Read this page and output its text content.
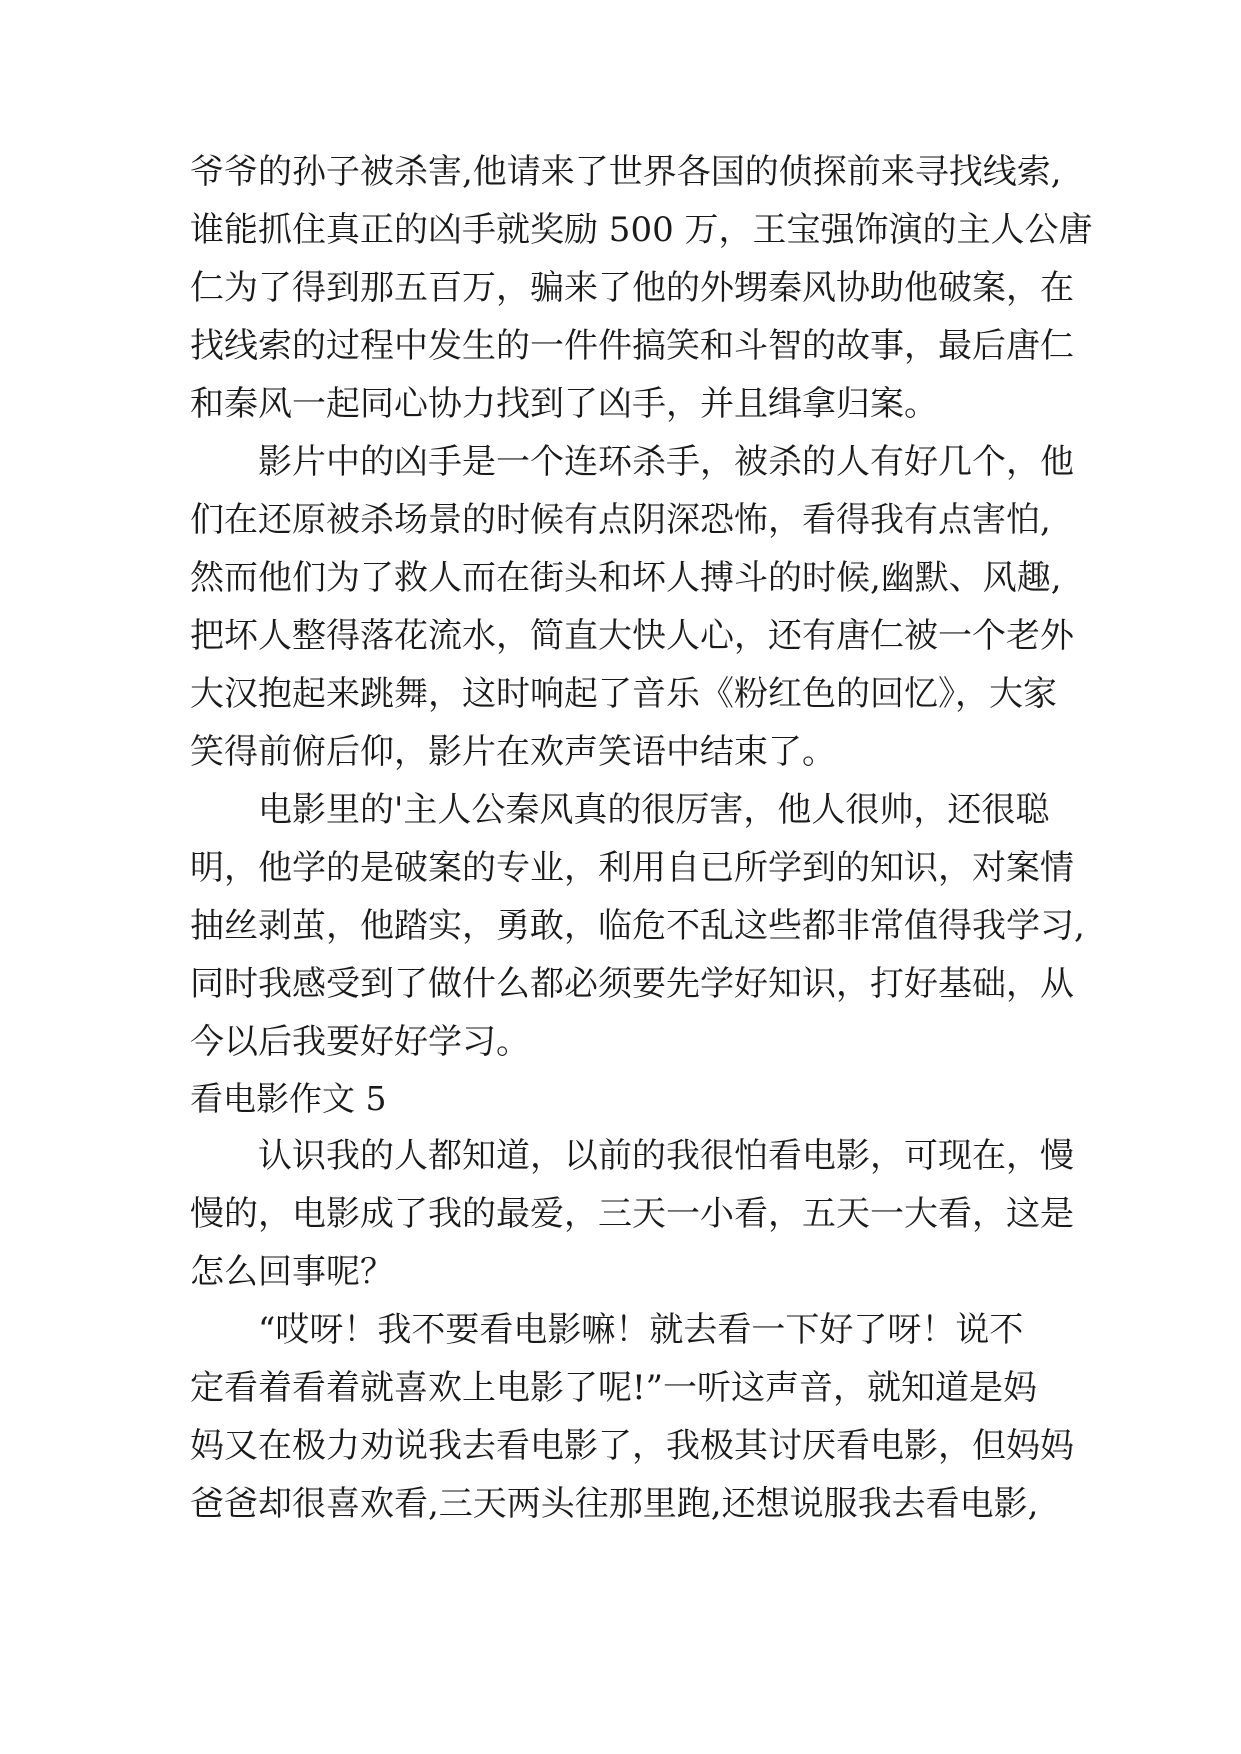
爷爷的孙子被杀害,他请来了世界各国的侦探前来寻找线索,
谁能抓住真正的凶手就奖励 500 万，王宝强饰演的主人公唐
仁为了得到那五百万，骗来了他的外甥秦风协助他破案，在
找线索的过程中发生的一件件搞笑和斗智的故事，最后唐仁
和秦风一起同心协力找到了凶手，并且缉拿归案。
影片中的凶手是一个连环杀手，被杀的人有好几个，他
们在还原被杀场景的时候有点阴深恐怖，看得我有点害怕,
然而他们为了救人而在街头和坏人搏斗的时候,幽默、风趣,
把坏人整得落花流水，简直大快人心，还有唐仁被一个老外
大汉抱起来跳舞，这时响起了音乐《粉红色的回忆》，大家
笑得前俯后仰，影片在欢声笑语中结束了。
电影里的'主人公秦风真的很厉害，他人很帅，还很聪
明，他学的是破案的专业，利用自已所学到的知识，对案情
抽丝剥茧，他踏实，勇敢，临危不乱这些都非常值得我学习,
同时我感受到了做什么都必须要先学好知识，打好基础，从
今以后我要好好学习。
看电影作文 5
认识我的人都知道，以前的我很怕看电影，可现在，慢
慢的，电影成了我的最爱，三天一小看，五天一大看，这是
怎么回事呢？
“哎呀！我不要看电影嘛！就去看一下好了呀！说不
定看着看着就喜欢上电影了呢!”一听这声音，就知道是妈
妈又在极力劝说我去看电影了，我极其讨厌看电影，但妈妈
爸爸却很喜欢看,三天两头往那里跑,还想说服我去看电影,
